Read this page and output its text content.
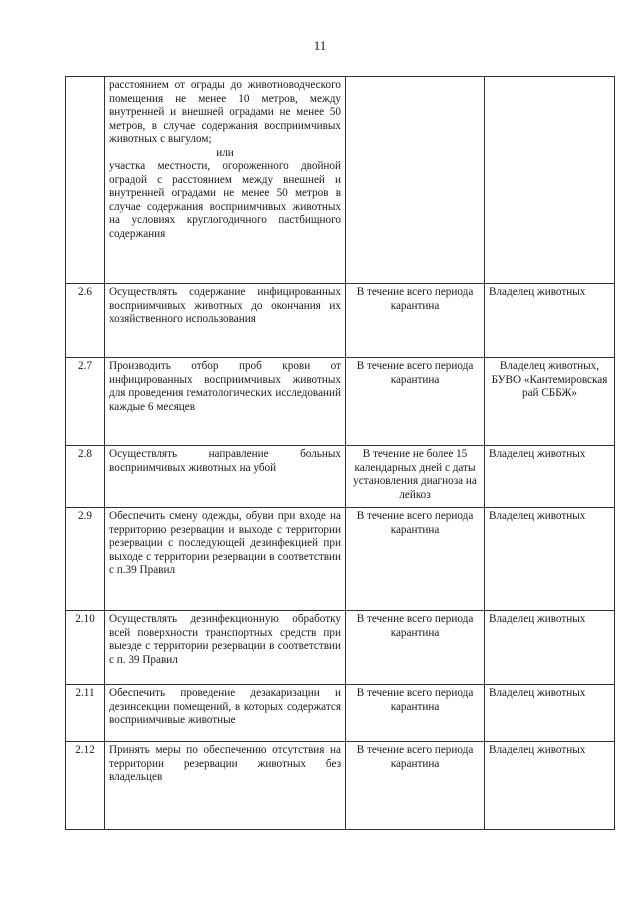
11

	расстоянием от ограды до животноводческого помещения не менее 10 метров, между внутренней и внешней оградами не менее 50 метров, в случае содержания восприимчивых животных с выгулом;
или
участка местности, огороженного двойной оградой с расстоянием между внешней и внутренней оградами не менее 50 метров в случае содержания восприимчивых животных на условиях круглогодичного пастбищного содержания		

2.6	Осуществлять содержание инфицированных восприимчивых животных до окончания их хозяйственного использования	В течение всего периода карантина	Владелец животных
2.7	Производить отбор проб крови от инфицированных восприимчивых животных для проведения гематологических исследований каждые 6 месяцев	В течение всего периода карантина	Владелец животных, БУВО «Кантемировская рай СББЖ»
2.8	Осуществлять направление больных восприимчивых животных на убой	В течение не более 15 календарных дней с даты установления диагноза на лейкоз	Владелец животных
2.9	Обеспечить смену одежды, обуви при входе на территорию резервации и выходе с территории резервации с последующей дезинфекцией при выходе с территории резервации в соответствии с п.39 Правил	В течение всего периода карантина	Владелец животных
2.10	Осуществлять дезинфекционную обработку всей поверхности транспортных средств при выезде с территории резервации в соответствии с п. 39 Правил	В течение всего периода карантина	Владелец животных
2.11	Обеспечить проведение дезакаризации и дезинсекции помещений, в которых содержатся восприимчивые животные	В течение всего периода карантина	Владелец животных
2.12	Принять меры по обеспечению отсутствия на территории резервации животных без владельцев	В течение всего периода карантина	Владелец животных
